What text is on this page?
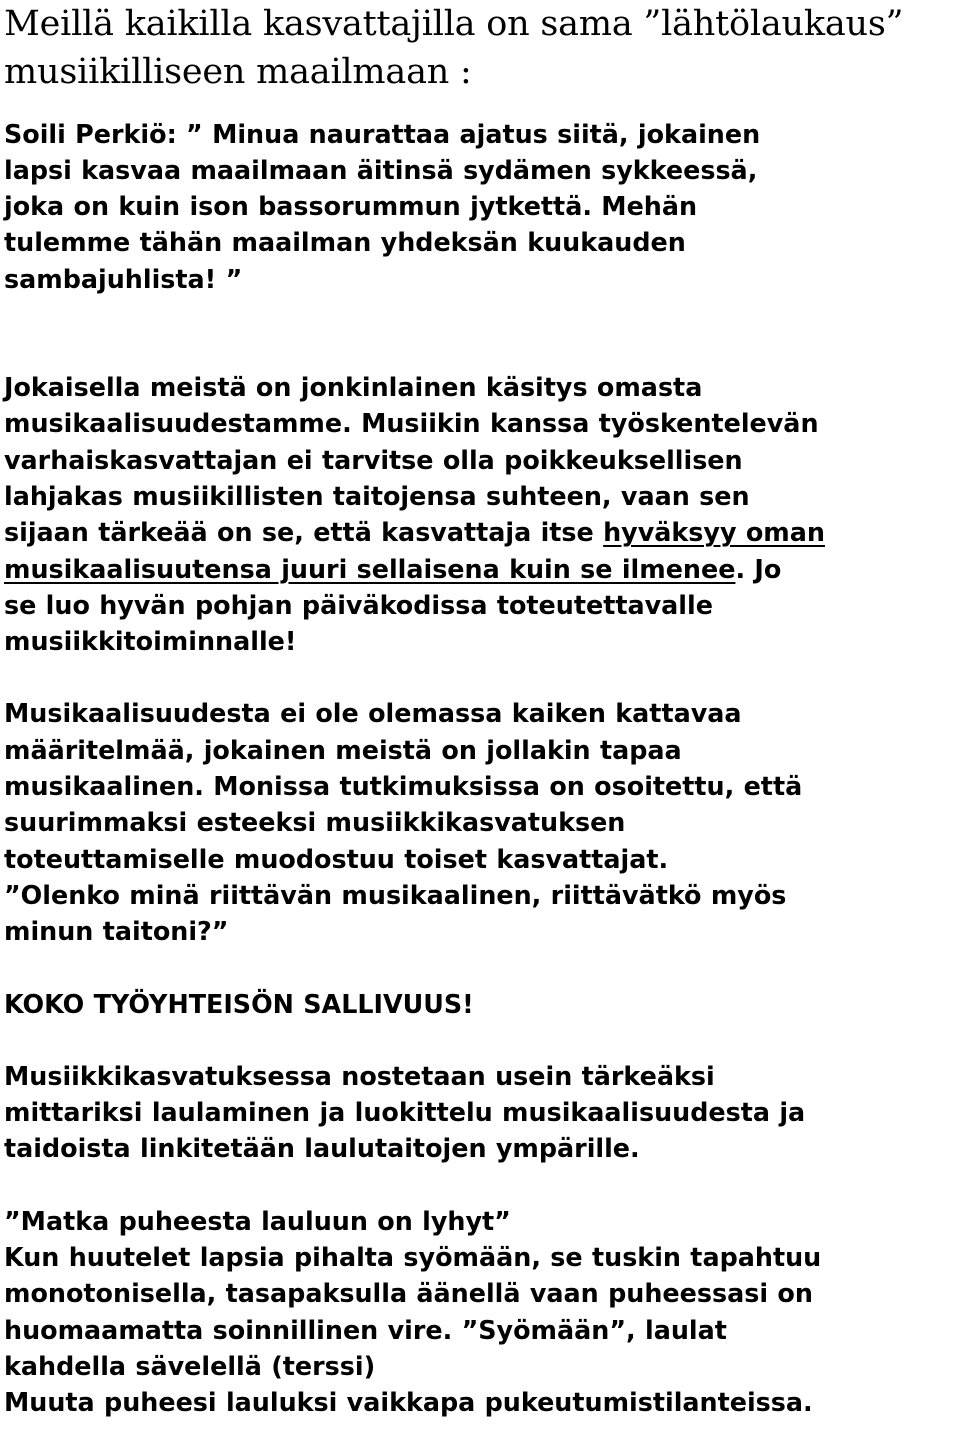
Meillä kaikilla kasvattajilla on sama ”lähtölaukaus”
musiikilliseen maailmaan :

Soili Perkiö: ” Minua naurattaa ajatus siitä, jokainen
lapsi kasvaa maailmaan äitinsä sydämen sykkeessä,
joka on kuin ison bassorummun jytkettä. Mehän
tulemme tähän maailman yhdeksän kuukauden
sambajuhlista! ”

Jokaisella meistä on jonkinlainen käsitys omasta
musikaalisuudestamme. Musiikin kanssa työskentelevän
varhaiskasvattajan ei tarvitse olla poikkeuksellisen
lahjakas musiikillisten taitojensa suhteen, vaan sen
sijaan tärkeää on se, että kasvattaja itse hyväksyy oman
musikaalisuutensa juuri sellaisena kuin se ilmenee. Jo
se luo hyvän pohjan päiväkodissa toteutettavalle
musiikkitoiminnalle!

Musikaalisuudesta ei ole olemassa kaiken kattavaa
määritelmää, jokainen meistä on jollakin tapaa
musikaalinen. Monissa tutkimuksissa on osoitettu, että
suurimmaksi esteeksi musiikkikasvatuksen
toteuttamiselle muodostuu toiset kasvattajat.
”Olenko minä riittävän musikaalinen, riittävätkö myös
minun taitoni?”

KOKO TYÖYHTEISÖN SALLIVUUS!

Musiikkikasvatuksessa nostetaan usein tärkeäksi
mittariksi laulaminen ja luokittelu musikaalisuudesta ja
taidoista linkitetään laulutaitojen ympärille.

”Matka puheesta lauluun on lyhyt”
Kun huutelet lapsia pihalta syömään, se tuskin tapahtuu
monotonisella, tasapaksulla äänellä vaan puheessasi on
huomaamatta soinnillinen vire. ”Syömään”, laulat
kahdella sävelellä (terssi)
Muuta puheesi lauluksi vaikkapa pukeutumistilanteissa.
